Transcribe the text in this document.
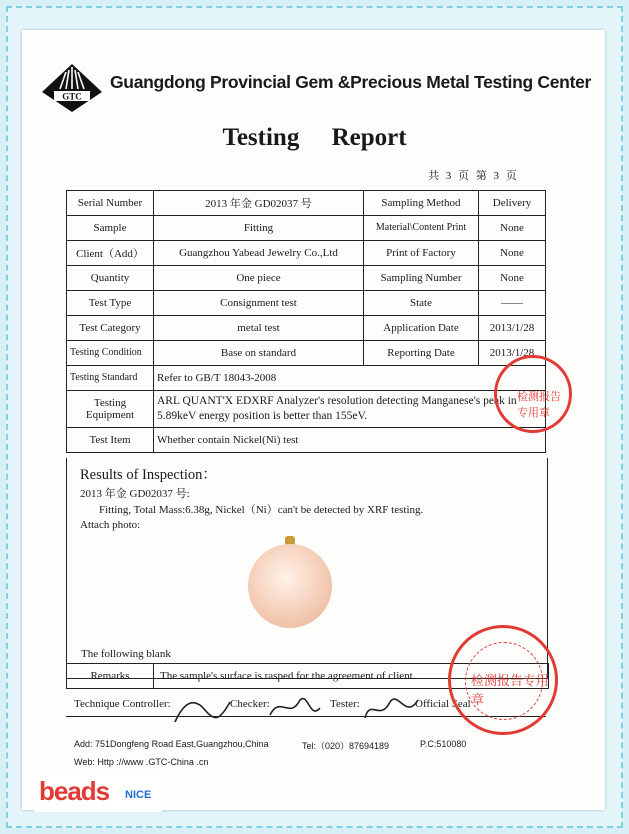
GTC
Guangdong Provincial Gem &Precious Metal Testing Center
Testing Report
共 3 页 第 3 页
Serial Number	2013 年金 GD02037 号	Sampling Method	Delivery
Sample	Fitting	Material\Content Print	None
Client（Add）	Guangzhou Yabead Jewelry Co.,Ltd	Print of Factory	None
Quantity	One piece	Sampling Number	None
Test Type	Consignment test	State	——
Test Category	metal test	Application Date	2013/1/28
Testing Condition	Base on standard	Reporting Date	2013/1/28
Testing Standard	Refer to GB/T 18043-2008		
Testing Equipment	ARL QUANT'X EDXRF Analyzer's resolution detecting Manganese's peak in 5.89keV energy position is better than 155eV.		
Test Item	Whether contain Nickel(Ni) test		
Results of Inspection：
2013 年金 GD02037 号:
Fitting, Total Mass:6.38g, Nickel（Ni）can't be detected by XRF testing.
Attach photo:
The following blank
Remarks	The sample's surface is rasped for the agreement of client.
Technique Controller:	Checker:	Tester:	Official Seal
Add: 751Dongfeng Road East,Guangzhou,China	Tel:（020）87694189	P.C:510080
Web: Http ://www .GTC-China .cn
检测报告专用章
检测报告专用章
beads NICE
